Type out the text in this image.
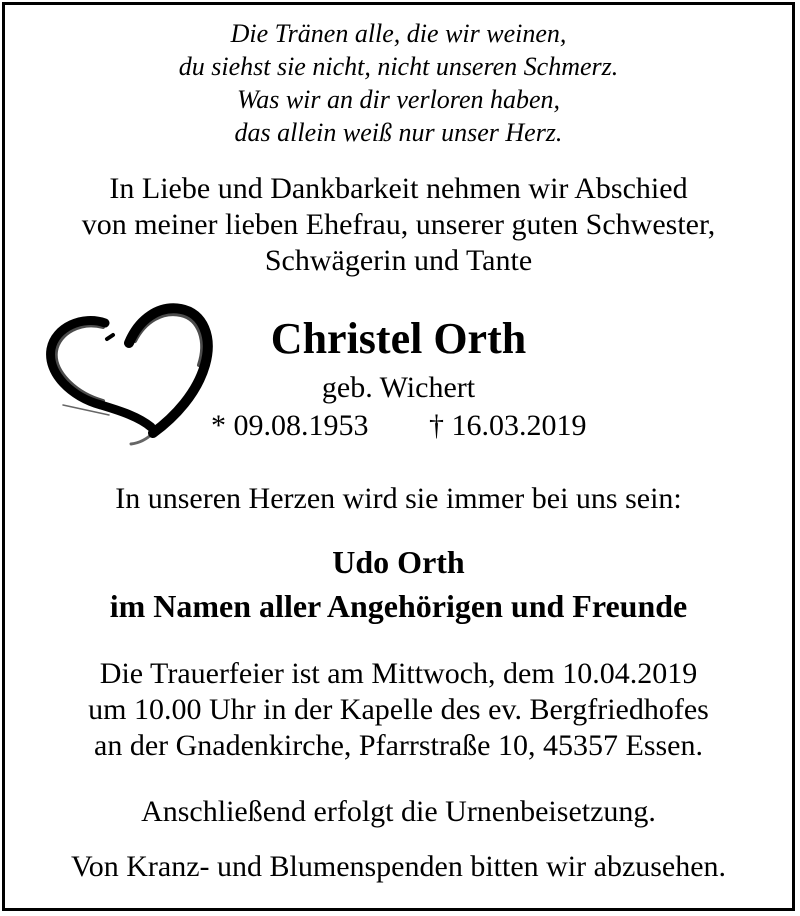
Die Tränen alle, die wir weinen,
du siehst sie nicht, nicht unseren Schmerz.
Was wir an dir verloren haben,
das allein weiß nur unser Herz.
In Liebe und Dankbarkeit nehmen wir Abschied
von meiner lieben Ehefrau, unserer guten Schwester,
Schwägerin und Tante
Christel Orth
geb. Wichert
* 09.08.1953 † 16.03.2019
In unseren Herzen wird sie immer bei uns sein:
Udo Orth
im Namen aller Angehörigen und Freunde
Die Trauerfeier ist am Mittwoch, dem 10.04.2019
um 10.00 Uhr in der Kapelle des ev. Bergfriedhofes
an der Gnadenkirche, Pfarrstraße 10, 45357 Essen.
Anschließend erfolgt die Urnenbeisetzung.
Von Kranz- und Blumenspenden bitten wir abzusehen.
